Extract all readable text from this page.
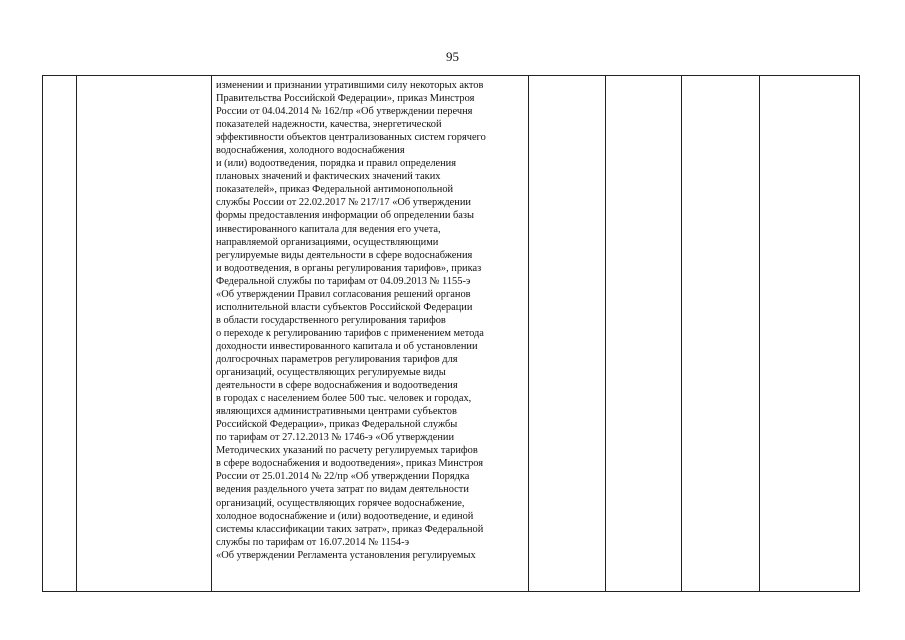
95

изменении и признании утратившими силу некоторых актов
Правительства Российской Федерации», приказ Минстроя
России от 04.04.2014 № 162/пр «Об утверждении перечня
показателей надежности, качества, энергетической
эффективности объектов централизованных систем горячего
водоснабжения, холодного водоснабжения
и (или) водоотведения, порядка и правил определения
плановых значений и фактических значений таких
показателей», приказ Федеральной антимонопольной
службы России от 22.02.2017 № 217/17 «Об утверждении
формы предоставления информации об определении базы
инвестированного капитала для ведения его учета,
направляемой организациями, осуществляющими
регулируемые виды деятельности в сфере водоснабжения
и водоотведения, в органы регулирования тарифов», приказ
Федеральной службы по тарифам от 04.09.2013 № 1155-э
«Об утверждении Правил согласования решений органов
исполнительной власти субъектов Российской Федерации
в области государственного регулирования тарифов
о переходе к регулированию тарифов с применением метода
доходности инвестированного капитала и об установлении
долгосрочных параметров регулирования тарифов для
организаций, осуществляющих регулируемые виды
деятельности в сфере водоснабжения и водоотведения
в городах с населением более 500 тыс. человек и городах,
являющихся административными центрами субъектов
Российской Федерации», приказ Федеральной службы
по тарифам от 27.12.2013 № 1746-э «Об утверждении
Методических указаний по расчету регулируемых тарифов
в сфере водоснабжения и водоотведения», приказ Минстроя
России от 25.01.2014 № 22/пр «Об утверждении Порядка
ведения раздельного учета затрат по видам деятельности
организаций, осуществляющих горячее водоснабжение,
холодное водоснабжение и (или) водоотведение, и единой
системы классификации таких затрат», приказ Федеральной
службы по тарифам от 16.07.2014 № 1154-э
«Об утверждении Регламента установления регулируемых
